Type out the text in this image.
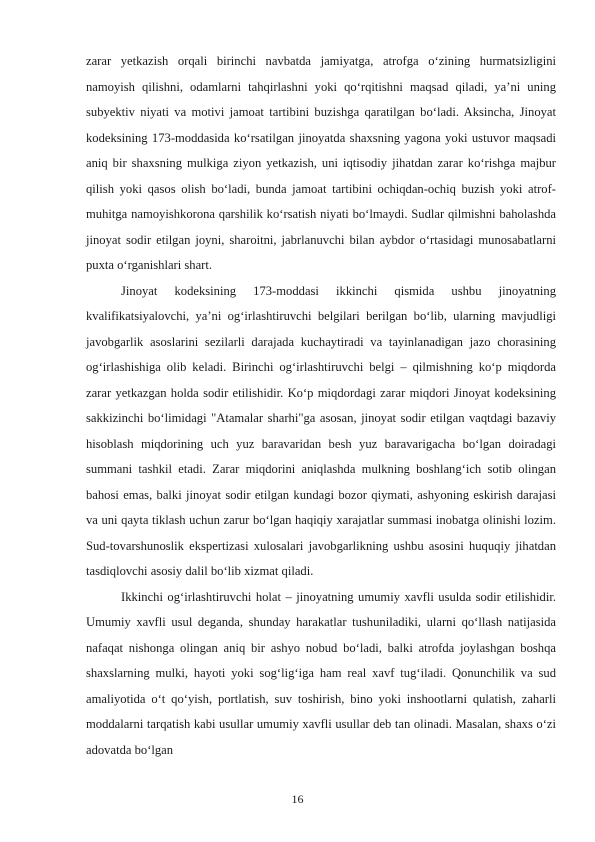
zarar yetkazish orqali birinchi navbatda jamiyatga, atrofga o‘zining hurmatsizligini namoyish qilishni, odamlarni tahqirlashni yoki qo‘rqitishni maqsad qiladi, ya’ni uning subyektiv niyati va motivi jamoat tartibini buzishga qaratilgan bo‘ladi. Aksincha, Jinoyat kodeksining 173-moddasida ko‘rsatilgan jinoyatda shaxsning yagona yoki ustuvor maqsadi aniq bir shaxsning mulkiga ziyon yetkazish, uni iqtisodiy jihatdan zarar ko‘rishga majbur qilish yoki qasos olish bo‘ladi, bunda jamoat tartibini ochiqdan-ochiq buzish yoki atrof-muhitga namoyishkorona qarshilik ko‘rsatish niyati bo‘lmaydi. Sudlar qilmishni baholashda jinoyat sodir etilgan joyni, sharoitni, jabrlanuvchi bilan aybdor o‘rtasidagi munosabatlarni puxta o‘rganishlari shart.

Jinoyat kodeksining 173-moddasi ikkinchi qismida ushbu jinoyatning kvalifikatsiyalovchi, ya’ni og‘irlashtiruvchi belgilari berilgan bo‘lib, ularning mavjudligi javobgarlik asoslarini sezilarli darajada kuchaytiradi va tayinlanadigan jazo chorasining og‘irlashishiga olib keladi. Birinchi og‘irlashtiruvchi belgi – qilmishning ko‘p miqdorda zarar yetkazgan holda sodir etilishidir. Ko‘p miqdordagi zarar miqdori Jinoyat kodeksining sakkizinchi bo‘limidagi "Atamalar sharhi"ga asosan, jinoyat sodir etilgan vaqtdagi bazaviy hisoblash miqdorining uch yuz baravaridan besh yuz baravarigacha bo‘lgan doiradagi summani tashkil etadi. Zarar miqdorini aniqlashda mulkning boshlang‘ich sotib olingan bahosi emas, balki jinoyat sodir etilgan kundagi bozor qiymati, ashyoning eskirish darajasi va uni qayta tiklash uchun zarur bo‘lgan haqiqiy xarajatlar summasi inobatga olinishi lozim. Sud-tovarshunoslik ekspertizasi xulosalari javobgarlikning ushbu asosini huquqiy jihatdan tasdiqlovchi asosiy dalil bo‘lib xizmat qiladi.

Ikkinchi og‘irlashtiruvchi holat – jinoyatning umumiy xavfli usulda sodir etilishidir. Umumiy xavfli usul deganda, shunday harakatlar tushuniladiki, ularni qo‘llash natijasida nafaqat nishonga olingan aniq bir ashyo nobud bo‘ladi, balki atrofda joylashgan boshqa shaxslarning mulki, hayoti yoki sog‘lig‘iga ham real xavf tug‘iladi. Qonunchilik va sud amaliyotida o‘t qo‘yish, portlatish, suv toshirish, bino yoki inshootlarni qulatish, zaharli moddalarni tarqatish kabi usullar umumiy xavfli usullar deb tan olinadi. Masalan, shaxs o‘zi adovatda bo‘lgan

16
